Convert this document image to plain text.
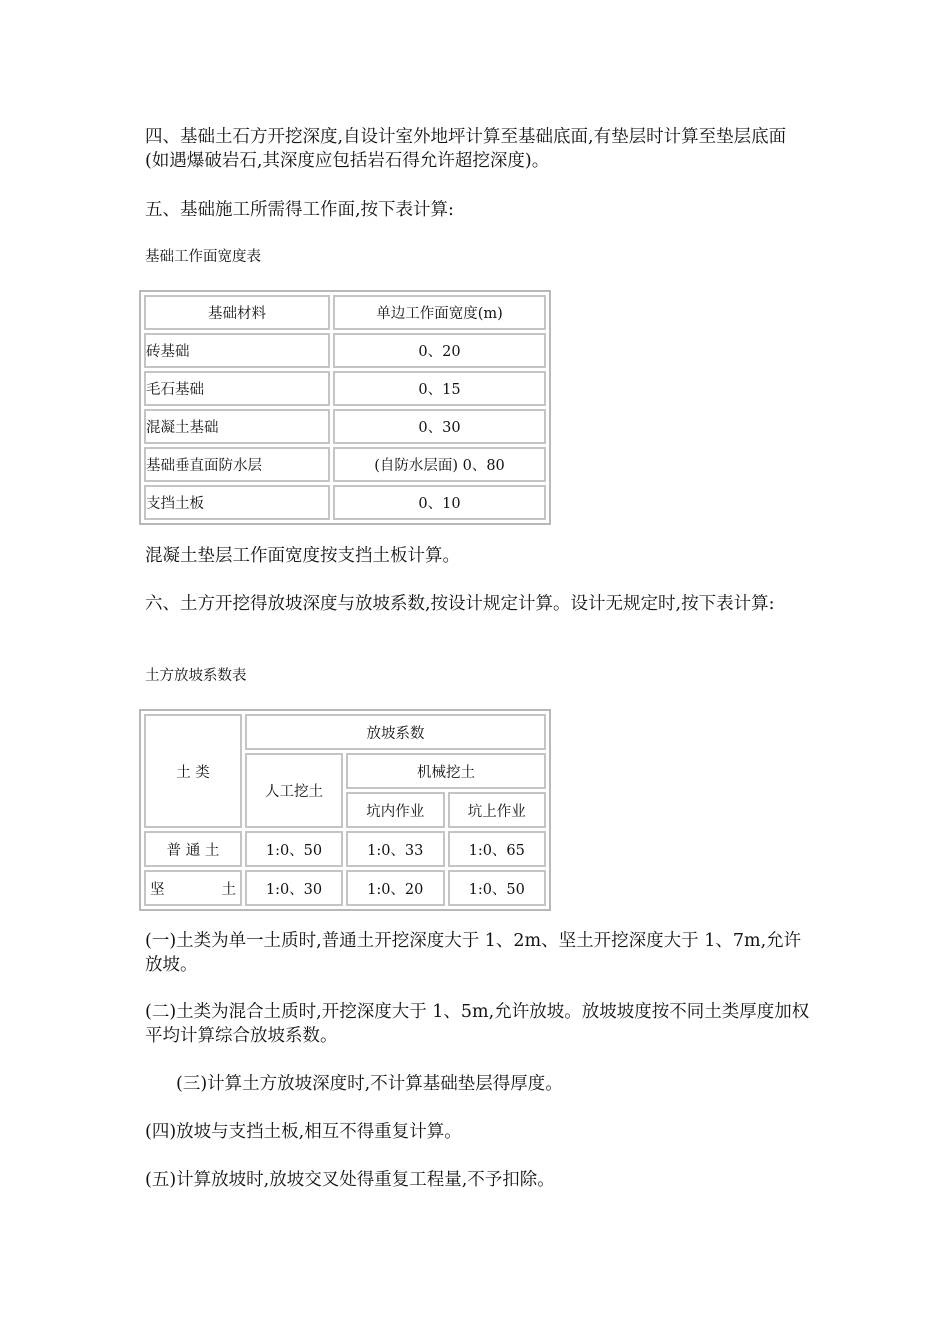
四、基础土石方开挖深度,自设计室外地坪计算至基础底面,有垫层时计算至垫层底面(如遇爆破岩石,其深度应包括岩石得允许超挖深度)。

五、基础施工所需得工作面,按下表计算:

基础工作面宽度表

基础材料	单边工作面宽度(m)
砖基础	0、20
毛石基础	0、15
混凝土基础	0、30
基础垂直面防水层	(自防水层面) 0、80
支挡土板	0、10

混凝土垫层工作面宽度按支挡土板计算。

六、土方开挖得放坡深度与放坡系数,按设计规定计算。设计无规定时,按下表计算:

土方放坡系数表

土 类	放坡系数		
	人工挖土	机械挖土	
		坑内作业	坑上作业
普 通 土	1:0、50	1:0、33	1:0、65
坚土	1:0、30	1:0、20	1:0、50

(一)土类为单一土质时,普通土开挖深度大于 1、2m、坚土开挖深度大于 1、7m,允许放坡。

(二)土类为混合土质时,开挖深度大于 1、5m,允许放坡。放坡坡度按不同土类厚度加权平均计算综合放坡系数。

(三)计算土方放坡深度时,不计算基础垫层得厚度。

(四)放坡与支挡土板,相互不得重复计算。

(五)计算放坡时,放坡交叉处得重复工程量,不予扣除。
